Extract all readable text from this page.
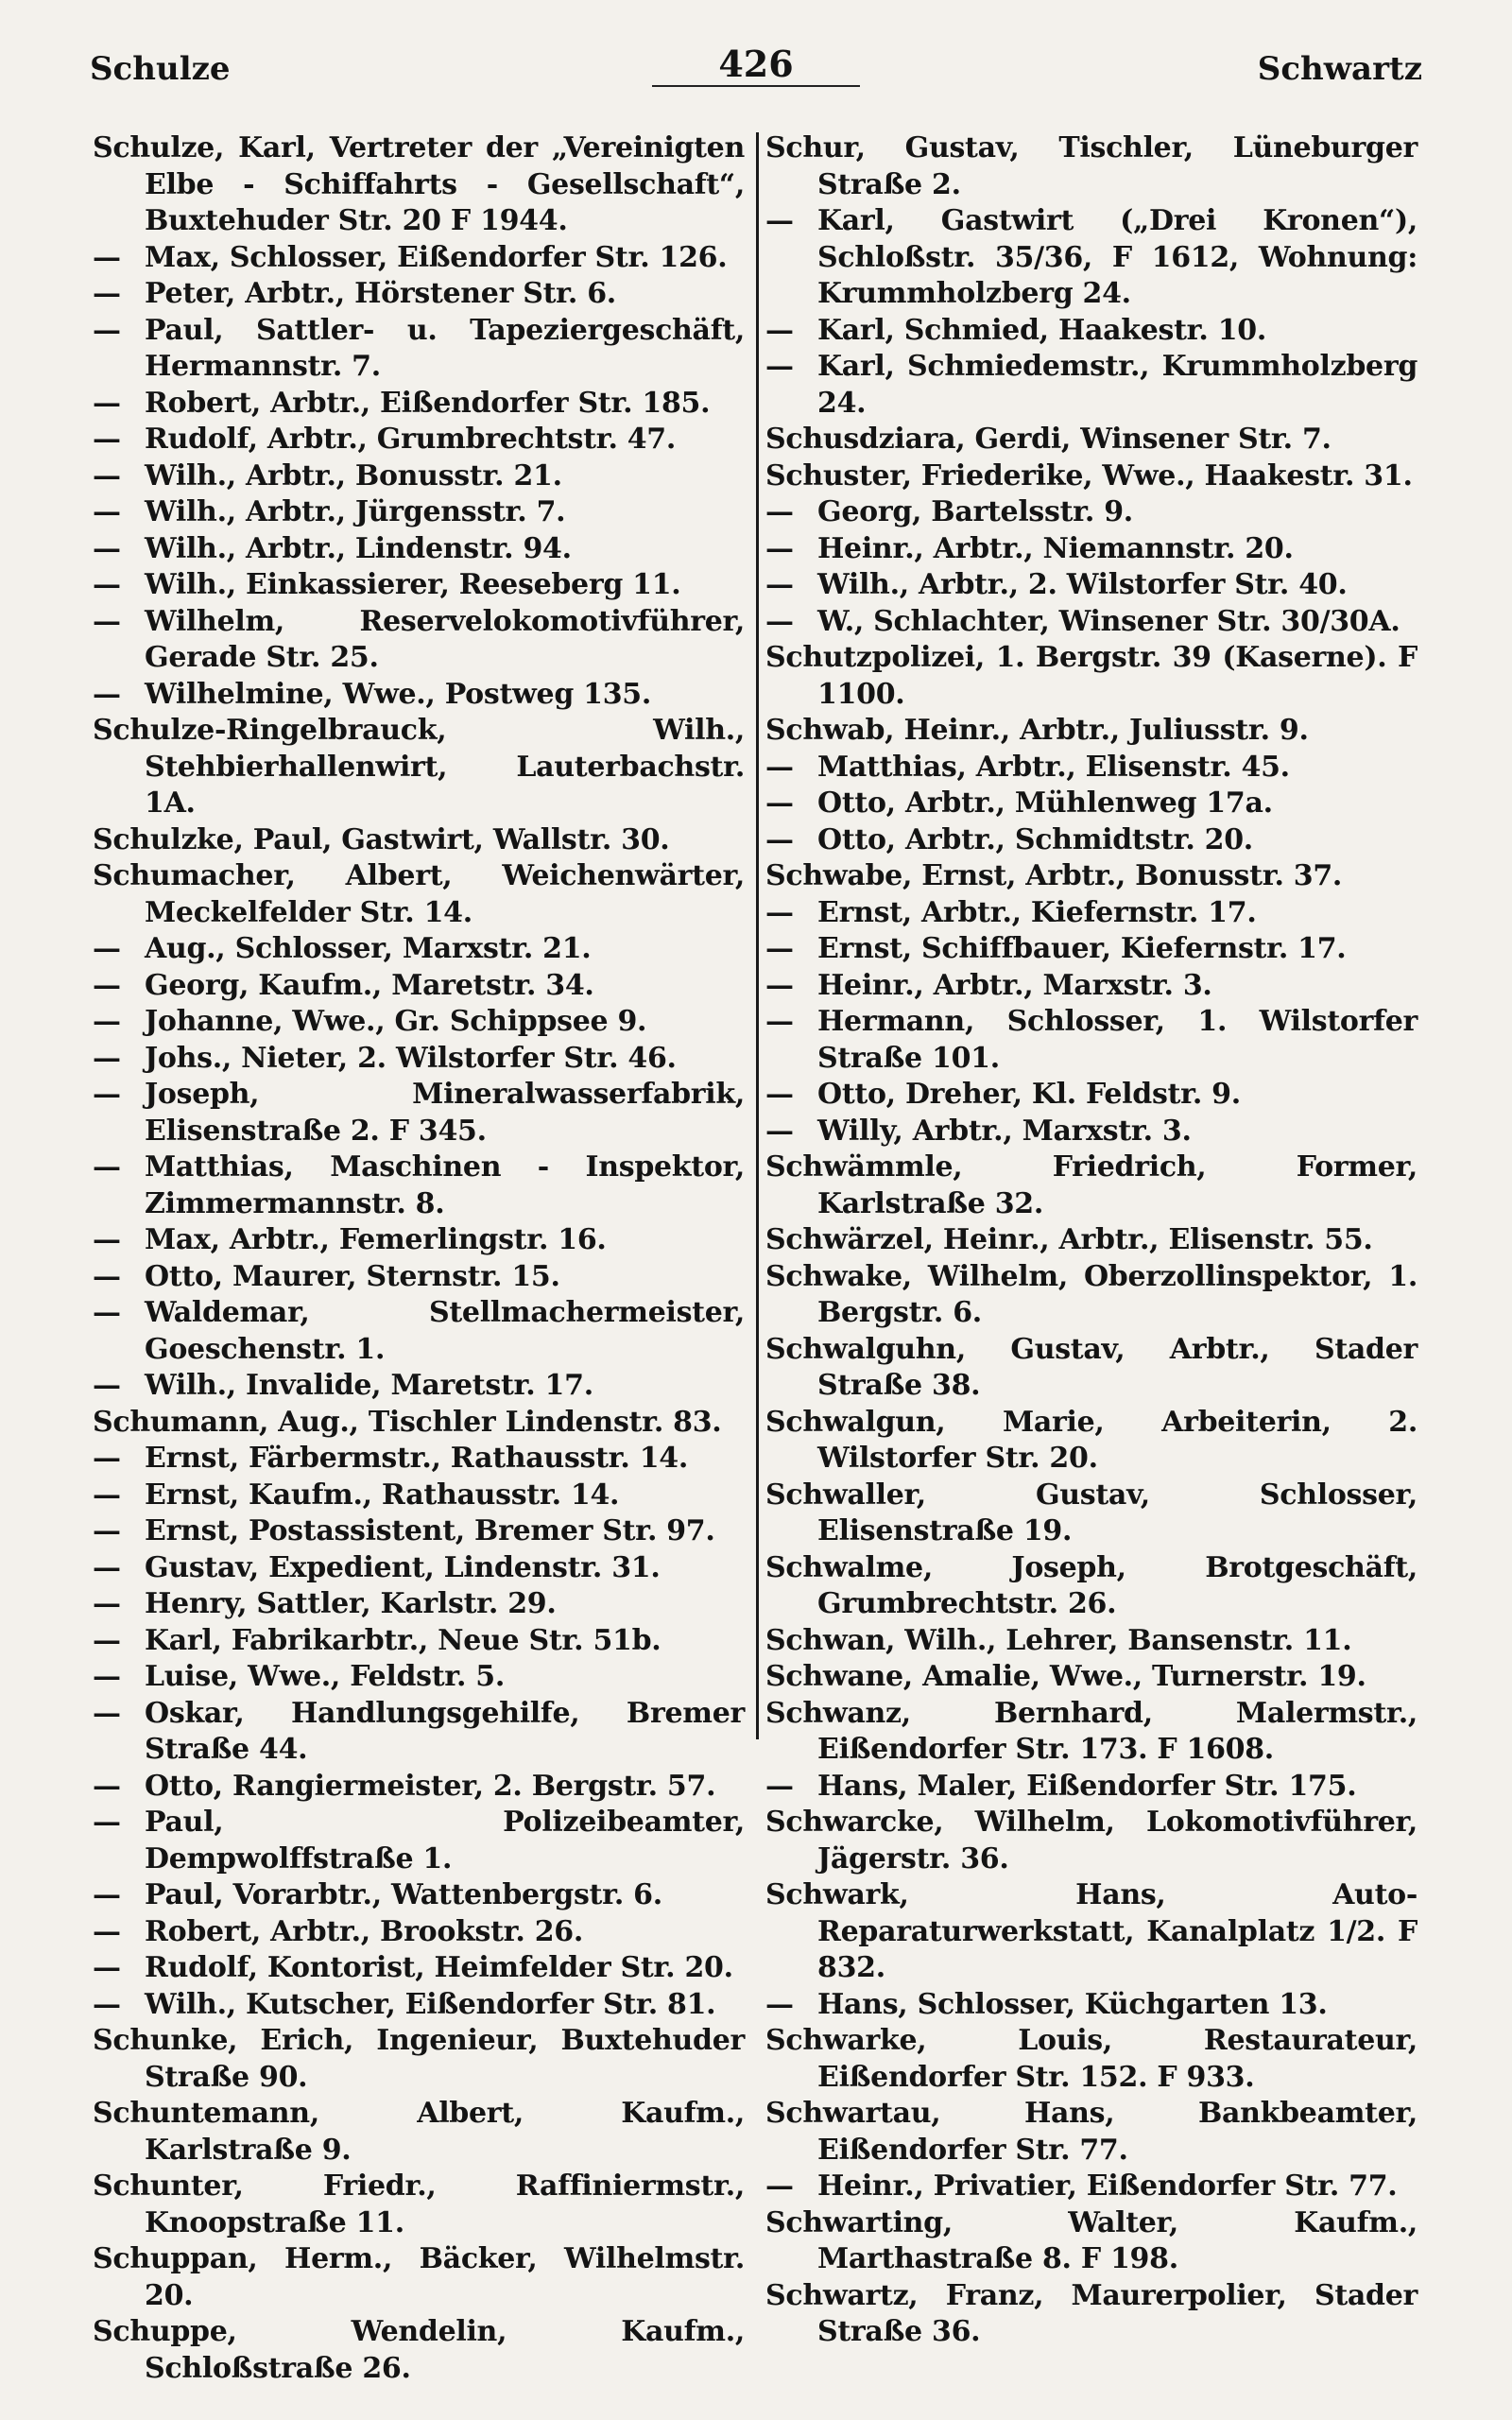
Schulze	426	Schwartz

Schulze, Karl, Vertreter der „Vereinigten Elbe - Schiffahrts - Gesellschaft“, Buxtehuder Str. 20 F 1944.

— Max, Schlosser, Eißendorfer Str. 126.

— Peter, Arbtr., Hörstener Str. 6.

— Paul, Sattler- u. Tapeziergeschäft, Hermannstr. 7.

— Robert, Arbtr., Eißendorfer Str. 185.

— Rudolf, Arbtr., Grumbrechtstr. 47.

— Wilh., Arbtr., Bonusstr. 21.

— Wilh., Arbtr., Jürgensstr. 7.

— Wilh., Arbtr., Lindenstr. 94.

— Wilh., Einkassierer, Reeseberg 11.

— Wilhelm, Reservelokomotivführer, Gerade Str. 25.

— Wilhelmine, Wwe., Postweg 135.

Schulze-Ringelbrauck, Wilh., Stehbierhallenwirt, Lauterbachstr. 1A.

Schulzke, Paul, Gastwirt, Wallstr. 30.

Schumacher, Albert, Weichenwärter, Meckelfelder Str. 14.

— Aug., Schlosser, Marxstr. 21.

— Georg, Kaufm., Maretstr. 34.

— Johanne, Wwe., Gr. Schippsee 9.

— Johs., Nieter, 2. Wilstorfer Str. 46.

— Joseph, Mineralwasserfabrik, Elisenstraße 2. F 345.

— Matthias, Maschinen - Inspektor, Zimmermannstr. 8.

— Max, Arbtr., Femerlingstr. 16.

— Otto, Maurer, Sternstr. 15.

— Waldemar, Stellmachermeister, Goeschenstr. 1.

— Wilh., Invalide, Maretstr. 17.

Schumann, Aug., Tischler Lindenstr. 83.

— Ernst, Färbermstr., Rathausstr. 14.

— Ernst, Kaufm., Rathausstr. 14.

— Ernst, Postassistent, Bremer Str. 97.

— Gustav, Expedient, Lindenstr. 31.

— Henry, Sattler, Karlstr. 29.

— Karl, Fabrikarbtr., Neue Str. 51b.

— Luise, Wwe., Feldstr. 5.

— Oskar, Handlungsgehilfe, Bremer Straße 44.

— Otto, Rangiermeister, 2. Bergstr. 57.

— Paul, Polizeibeamter, Dempwolffstraße 1.

— Paul, Vorarbtr., Wattenbergstr. 6.

— Robert, Arbtr., Brookstr. 26.

— Rudolf, Kontorist, Heimfelder Str. 20.

— Wilh., Kutscher, Eißendorfer Str. 81.

Schunke, Erich, Ingenieur, Buxtehuder Straße 90.

Schuntemann, Albert, Kaufm., Karlstraße 9.

Schunter, Friedr., Raffiniermstr., Knoopstraße 11.

Schuppan, Herm., Bäcker, Wilhelmstr. 20.

Schuppe, Wendelin, Kaufm., Schloßstraße 26.

Schur, Gustav, Tischler, Lüneburger Straße 2.

— Karl, Gastwirt („Drei Kronen“), Schloßstr. 35/36, F 1612, Wohnung: Krummholzberg 24.

— Karl, Schmied, Haakestr. 10.

— Karl, Schmiedemstr., Krummholzberg 24.

Schusdziara, Gerdi, Winsener Str. 7.

Schuster, Friederike, Wwe., Haakestr. 31.

— Georg, Bartelsstr. 9.

— Heinr., Arbtr., Niemannstr. 20.

— Wilh., Arbtr., 2. Wilstorfer Str. 40.

— W., Schlachter, Winsener Str. 30/30A.

Schutzpolizei, 1. Bergstr. 39 (Kaserne). F 1100.

Schwab, Heinr., Arbtr., Juliusstr. 9.

— Matthias, Arbtr., Elisenstr. 45.

— Otto, Arbtr., Mühlenweg 17a.

— Otto, Arbtr., Schmidtstr. 20.

Schwabe, Ernst, Arbtr., Bonusstr. 37.

— Ernst, Arbtr., Kiefernstr. 17.

— Ernst, Schiffbauer, Kiefernstr. 17.

— Heinr., Arbtr., Marxstr. 3.

— Hermann, Schlosser, 1. Wilstorfer Straße 101.

— Otto, Dreher, Kl. Feldstr. 9.

— Willy, Arbtr., Marxstr. 3.

Schwämmle, Friedrich, Former, Karlstraße 32.

Schwärzel, Heinr., Arbtr., Elisenstr. 55.

Schwake, Wilhelm, Oberzollinspektor, 1. Bergstr. 6.

Schwalguhn, Gustav, Arbtr., Stader Straße 38.

Schwalgun, Marie, Arbeiterin, 2. Wilstorfer Str. 20.

Schwaller, Gustav, Schlosser, Elisenstraße 19.

Schwalme, Joseph, Brotgeschäft, Grumbrechtstr. 26.

Schwan, Wilh., Lehrer, Bansenstr. 11.

Schwane, Amalie, Wwe., Turnerstr. 19.

Schwanz, Bernhard, Malermstr., Eißendorfer Str. 173. F 1608.

— Hans, Maler, Eißendorfer Str. 175.

Schwarcke, Wilhelm, Lokomotivführer, Jägerstr. 36.

Schwark, Hans, Auto-Reparaturwerkstatt, Kanalplatz 1/2. F 832.

— Hans, Schlosser, Küchgarten 13.

Schwarke, Louis, Restaurateur, Eißendorfer Str. 152. F 933.

Schwartau, Hans, Bankbeamter, Eißendorfer Str. 77.

— Heinr., Privatier, Eißendorfer Str. 77.

Schwarting, Walter, Kaufm., Marthastraße 8. F 198.

Schwartz, Franz, Maurerpolier, Stader Straße 36.
